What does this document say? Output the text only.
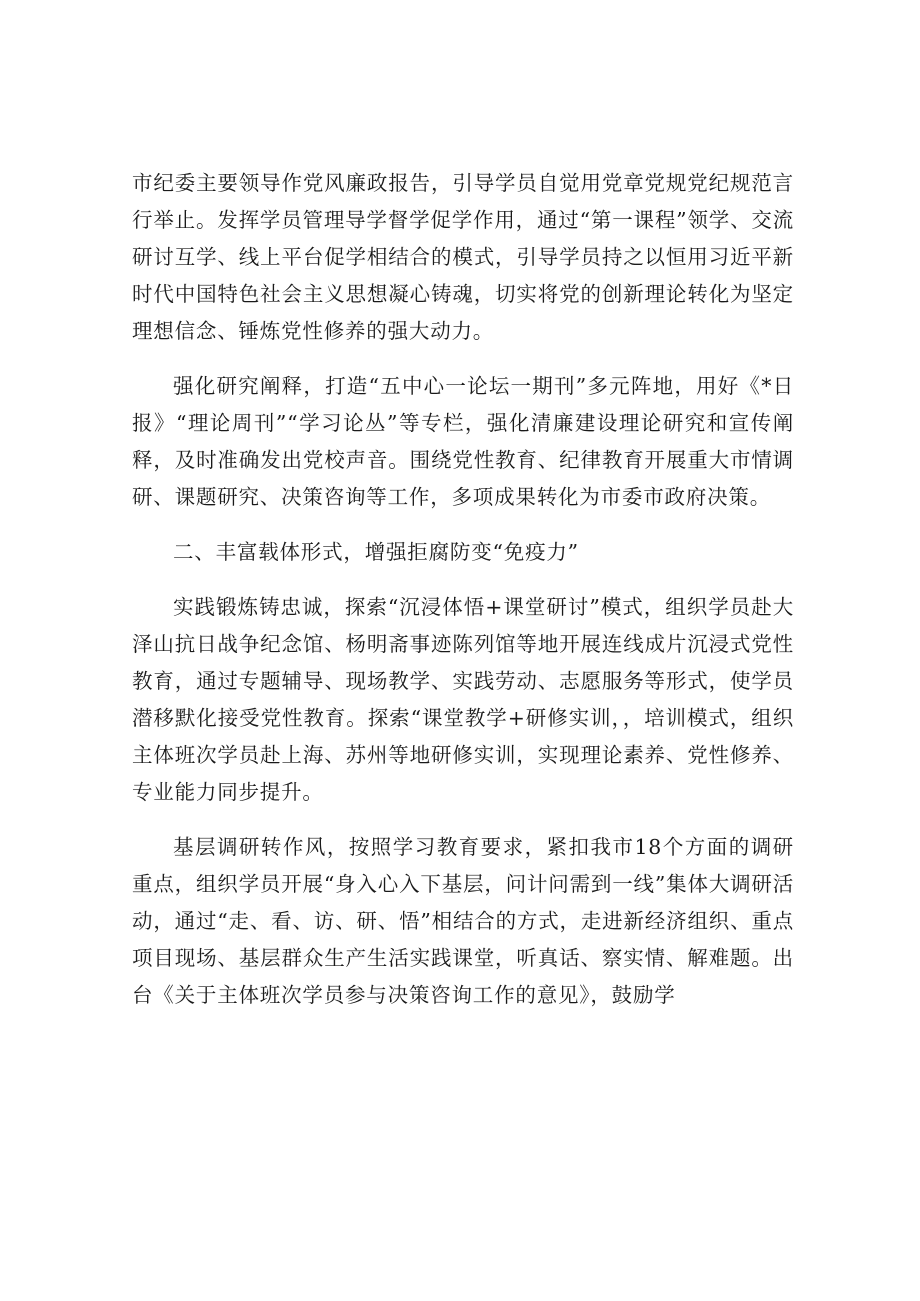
市纪委主要领导作党风廉政报告，引导学员自觉用党章党规党纪规范言行举止。发挥学员管理导学督学促学作用，通过“第一课程”领学、交流研讨互学、线上平台促学相结合的模式，引导学员持之以恒用习近平新时代中国特色社会主义思想凝心铸魂，切实将党的创新理论转化为坚定理想信念、锤炼党性修养的强大动力。

强化研究阐释，打造“五中心一论坛一期刊”多元阵地，用好《*日报》“理论周刊”“学习论丛”等专栏，强化清廉建设理论研究和宣传阐释，及时准确发出党校声音。围绕党性教育、纪律教育开展重大市情调研、课题研究、决策咨询等工作，多项成果转化为市委市政府决策。

二、丰富载体形式，增强拒腐防变“免疫力”

实践锻炼铸忠诚，探索“沉浸体悟+课堂研讨”模式，组织学员赴大泽山抗日战争纪念馆、杨明斋事迹陈列馆等地开展连线成片沉浸式党性教育，通过专题辅导、现场教学、实践劳动、志愿服务等形式，使学员潜移默化接受党性教育。探索“课堂教学+研修实训，，培训模式，组织主体班次学员赴上海、苏州等地研修实训，实现理论素养、党性修养、专业能力同步提升。

基层调研转作风，按照学习教育要求，紧扣我市18个方面的调研重点，组织学员开展“身入心入下基层，问计问需到一线”集体大调研活动，通过“走、看、访、研、悟”相结合的方式，走进新经济组织、重点项目现场、基层群众生产生活实践课堂，听真话、察实情、解难题。出台《关于主体班次学员参与决策咨询工作的意见》，鼓励学
